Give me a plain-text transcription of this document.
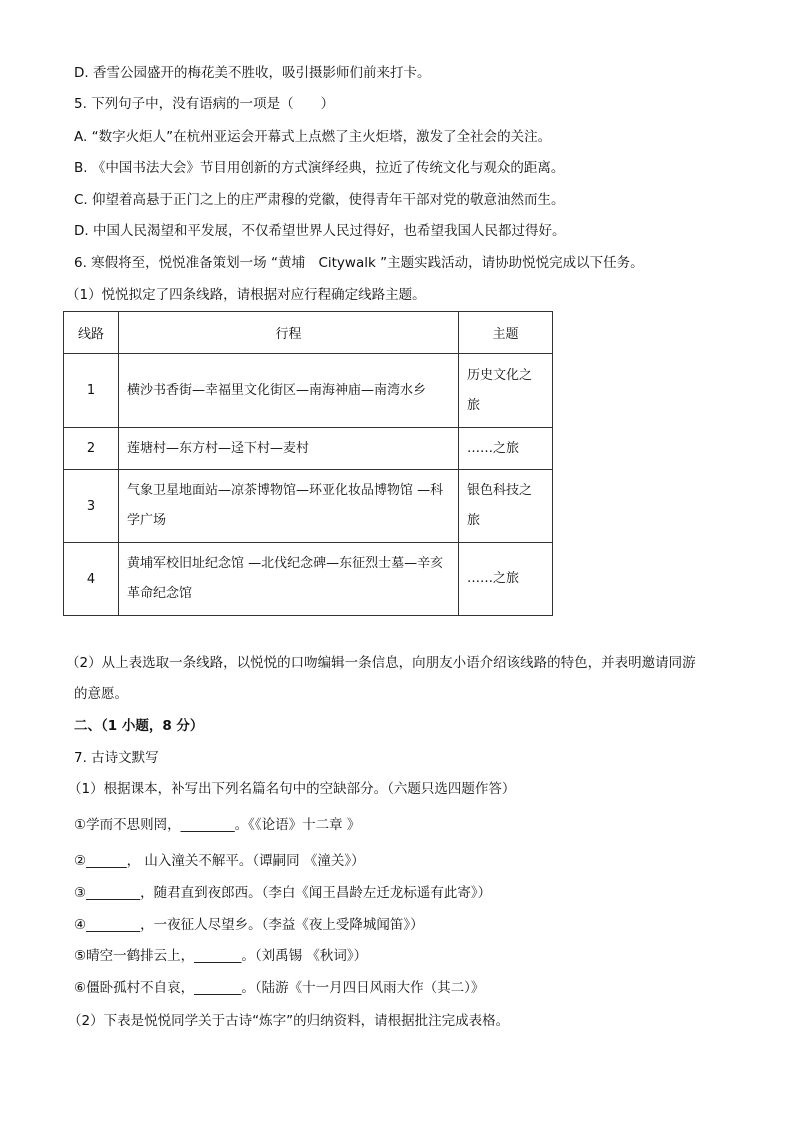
D. 香雪公园盛开的梅花美不胜收，吸引摄影师们前来打卡。
5. 下列句子中，没有语病的一项是（　　）
A. “数字火炬人”在杭州亚运会开幕式上点燃了主火炬塔，激发了全社会的关注。
B. 《中国书法大会》节目用创新的方式演绎经典，拉近了传统文化与观众的距离。
C. 仰望着高悬于正门之上的庄严肃穆的党徽，使得青年干部对党的敬意油然而生。
D. 中国人民渴望和平发展，不仅希望世界人民过得好，也希望我国人民都过得好。
6. 寒假将至，悦悦准备策划一场 “黄埔　Citywalk ”主题实践活动，请协助悦悦完成以下任务。
（1）悦悦拟定了四条线路，请根据对应行程确定线路主题。
线路	行程	主题
1	横沙书香街—幸福里文化街区—南海神庙—南湾水乡	历史文化之旅
2	莲塘村—东方村—迳下村—麦村	……之旅
3	气象卫星地面站—凉茶博物馆—环亚化妆品博物馆 —科学广场	银色科技之旅
4	黄埔军校旧址纪念馆 —北伐纪念碑—东征烈士墓—辛亥革命纪念馆	……之旅
（2）从上表选取一条线路，以悦悦的口吻编辑一条信息，向朋友小语介绍该线路的特色，并表明邀请同游
的意愿。
二、（1 小题，8 分）
7. 古诗文默写
（1）根据课本，补写出下列名篇名句中的空缺部分。（六题只选四题作答）
①学而不思则罔，________。《《论语》十二章 》
②______， 山入潼关不解平。（谭嗣同 《潼关》）
③________，随君直到夜郎西。（李白《闻王昌龄左迁龙标遥有此寄》）
④________，一夜征人尽望乡。（李益《夜上受降城闻笛》）
⑤晴空一鹤排云上，_______。（刘禹锡 《秋词》）
⑥僵卧孤村不自哀，_______。（陆游《十一月四日风雨大作（其二）》
（2）下表是悦悦同学关于古诗“炼字”的归纳资料，请根据批注完成表格。
